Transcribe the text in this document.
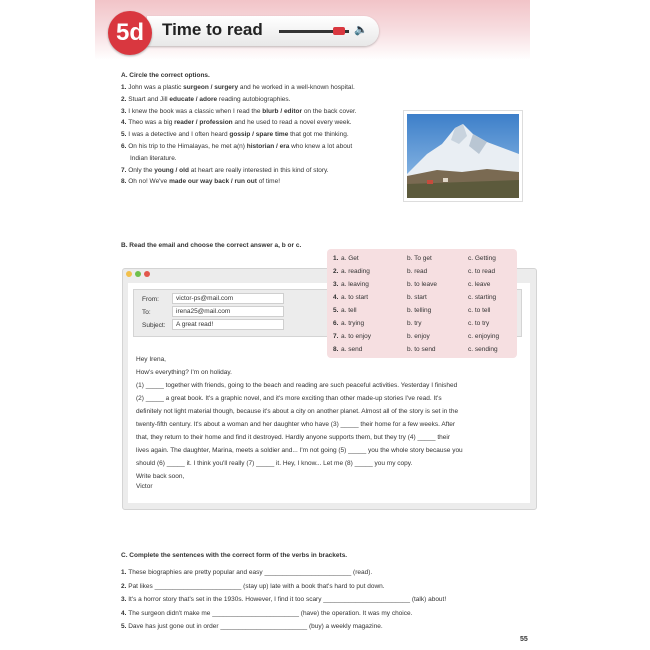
5d	Time to read	🔈
A. Circle the correct options.
1. John was a plastic surgeon / surgery and he worked in a well-known hospital.
2. Stuart and Jill educate / adore reading autobiographies.
3. I knew the book was a classic when I read the blurb / editor on the back cover.
4. Theo was a big reader / profession and he used to read a novel every week.
5. I was a detective and I often heard gossip / spare time that got me thinking.
6. On his trip to the Himalayas, he met a(n) historian / era who knew a lot about
Indian literature.
7. Only the young / old at heart are really interested in this kind of story.
8. Oh no! We've made our way back / run out of time!
B. Read the email and choose the correct answer a, b or c.
From:	victor-ps@mail.com
To:	irena25@mail.com
Subject:	A great read!
1. a. Get	b. To get	c. Getting
2. a. reading	b. read	c. to read
3. a. leaving	b. to leave	c. leave
4. a. to start	b. start	c. starting
5. a. tell	b. telling	c. to tell
6. a. trying	b. try	c. to try
7. a. to enjoy	b. enjoy	c. enjoying
8. a. send	b. to send	c. sending
Hey Irena,
How's everything? I'm on holiday.
(1) _____ together with friends, going to the beach and reading are such peaceful activities. Yesterday I finished
(2) _____ a great book. It's a graphic novel, and it's more exciting than other made-up stories I've read. It's
definitely not light material though, because it's about a city on another planet. Almost all of the story is set in the
twenty-fifth century. It's about a woman and her daughter who have (3) _____ their home for a few weeks. After
that, they return to their home and find it destroyed. Hardly anyone supports them, but they try (4) _____ their
lives again. The daughter, Marina, meets a soldier and... I'm not going (5) _____ you the whole story because you
should (6) _____ it. I think you'll really (7) _____ it. Hey, I know... Let me (8) _____ you my copy.
Write back soon,
Victor
C. Complete the sentences with the correct form of the verbs in brackets.
1. These biographies are pretty popular and easy ________________________ (read).
2. Pat likes ________________________ (stay up) late with a book that's hard to put down.
3. It's a horror story that's set in the 1930s. However, I find it too scary ________________________ (talk) about!
4. The surgeon didn't make me ________________________ (have) the operation. It was my choice.
5. Dave has just gone out in order ________________________ (buy) a weekly magazine.
55
